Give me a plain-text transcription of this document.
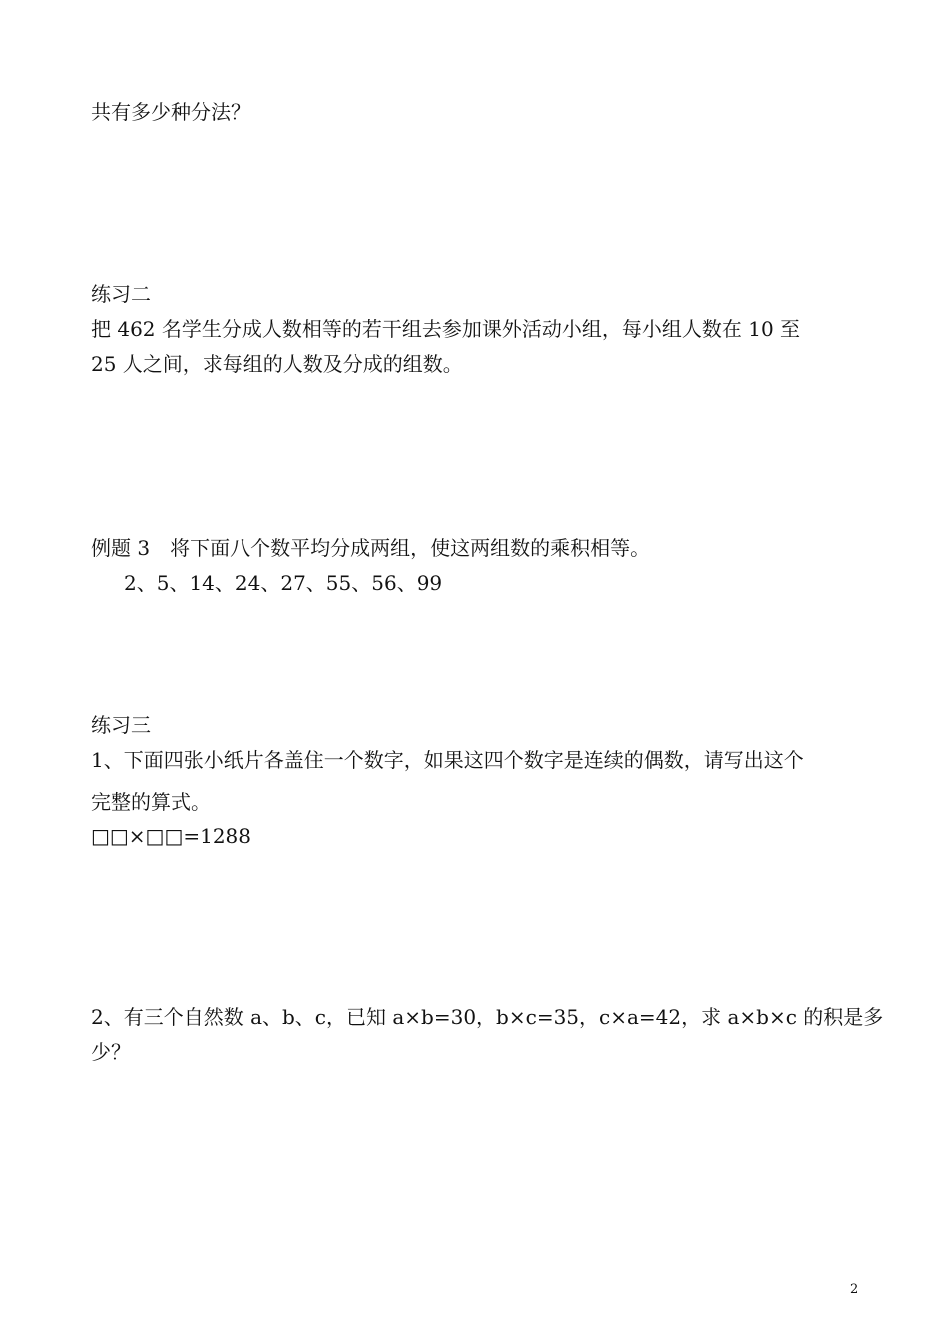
共有多少种分法？
练习二
把 462 名学生分成人数相等的若干组去参加课外活动小组，每小组人数在 10 至
25 人之间，求每组的人数及分成的组数。
例题 3　将下面八个数平均分成两组，使这两组数的乘积相等。
2、5、14、24、27、55、56、99
练习三
1、下面四张小纸片各盖住一个数字，如果这四个数字是连续的偶数，请写出这个
完整的算式。
□□×□□=1288
2、有三个自然数 a、b、c，已知 a×b=30，b×c=35，c×a=42，求 a×b×c 的积是多
少？
2
